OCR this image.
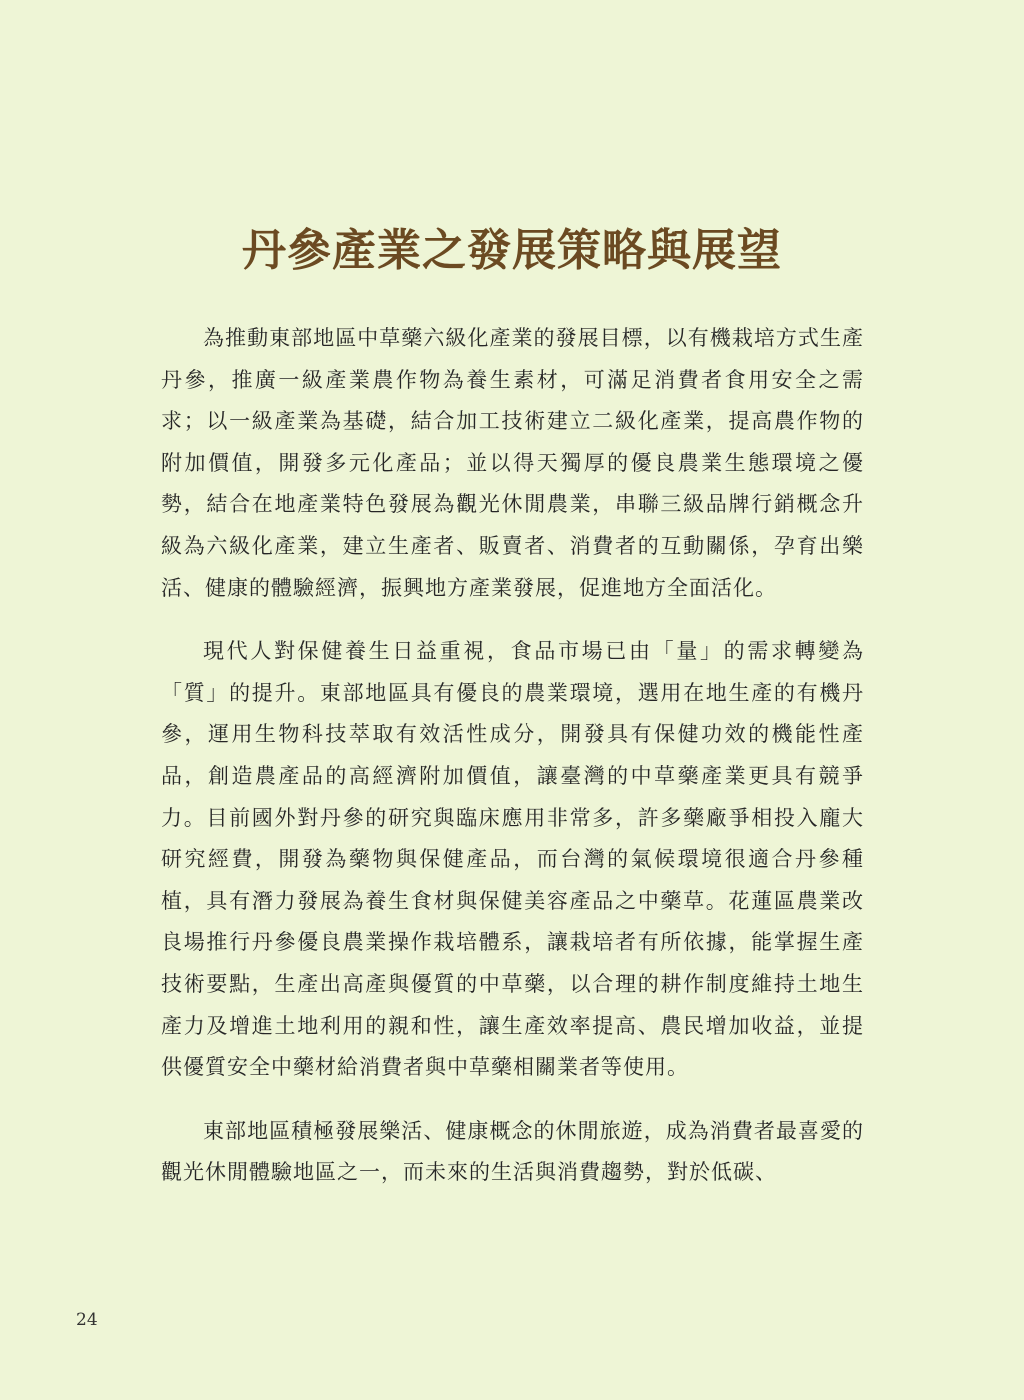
丹參產業之發展策略與展望

為推動東部地區中草藥六級化產業的發展目標，以有機栽培方式生產丹參，推廣一級產業農作物為養生素材，可滿足消費者食用安全之需求；以一級產業為基礎，結合加工技術建立二級化產業，提高農作物的附加價值，開發多元化產品；並以得天獨厚的優良農業生態環境之優勢，結合在地產業特色發展為觀光休閒農業，串聯三級品牌行銷概念升級為六級化產業，建立生產者、販賣者、消費者的互動關係，孕育出樂活、健康的體驗經濟，振興地方產業發展，促進地方全面活化。

現代人對保健養生日益重視，食品市場已由「量」的需求轉變為「質」的提升。東部地區具有優良的農業環境，選用在地生產的有機丹參，運用生物科技萃取有效活性成分，開發具有保健功效的機能性產品，創造農產品的高經濟附加價值，讓臺灣的中草藥產業更具有競爭力。目前國外對丹參的研究與臨床應用非常多，許多藥廠爭相投入龐大研究經費，開發為藥物與保健產品，而台灣的氣候環境很適合丹參種植，具有潛力發展為養生食材與保健美容產品之中藥草。花蓮區農業改良場推行丹參優良農業操作栽培體系，讓栽培者有所依據，能掌握生產技術要點，生產出高產與優質的中草藥，以合理的耕作制度維持土地生產力及增進土地利用的親和性，讓生產效率提高、農民增加收益，並提供優質安全中藥材給消費者與中草藥相關業者等使用。

東部地區積極發展樂活、健康概念的休閒旅遊，成為消費者最喜愛的觀光休閒體驗地區之一，而未來的生活與消費趨勢，對於低碳、

24
